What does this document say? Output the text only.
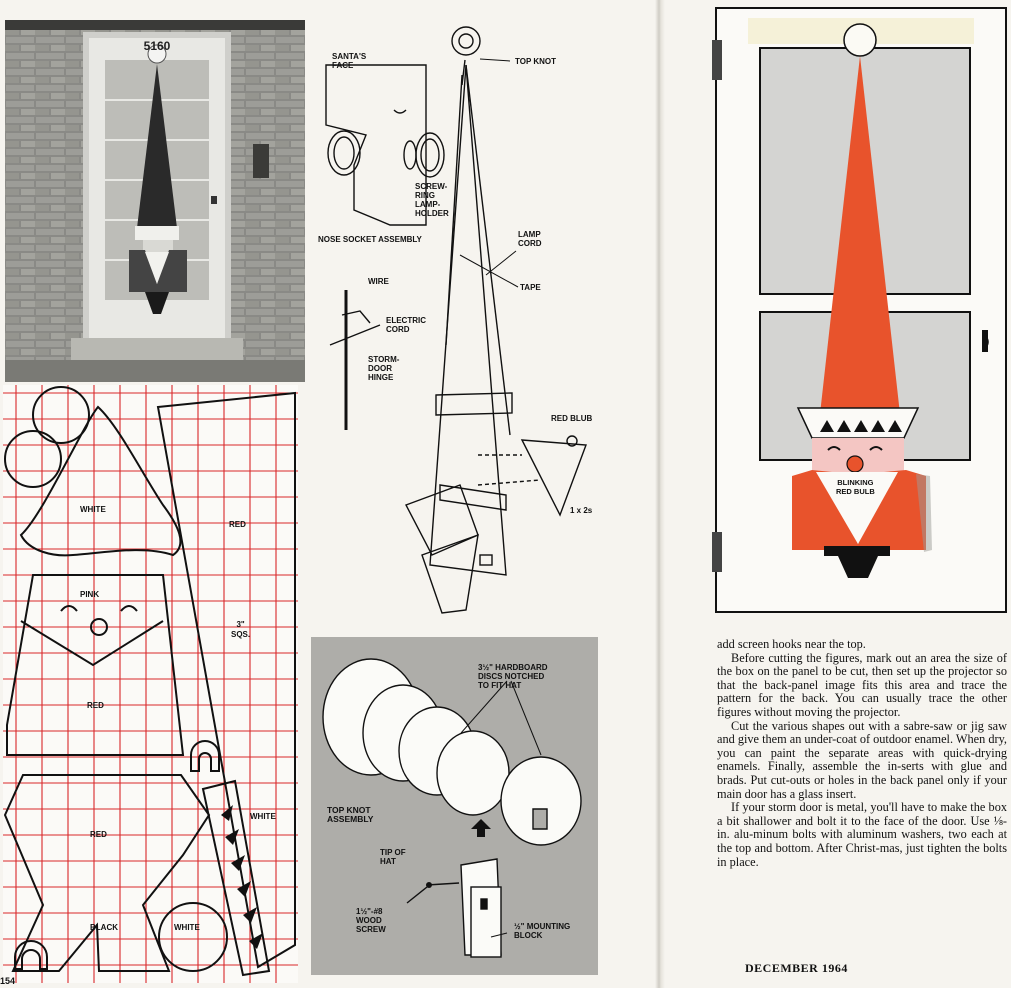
5160
SANTA'S
FACE	TOP KNOT
SCREW-
RING
LAMP-
HOLDER
NOSE SOCKET ASSEMBLY
LAMP
CORD
TAPE
WIRE
ELECTRIC
CORD
STORM-
DOOR
HINGE
RED BLUB
1 x 2s
WHITE
RED
PINK
3"
SQS.
RED
WHITE
RED
BLACK	WHITE
154
3½" HARDBOARD
DISCS NOTCHED
TO FIT HAT
TOP KNOT
ASSEMBLY
TIP OF
HAT
1½"-#8
WOOD
SCREW	½" MOUNTING
BLOCK
BLINKING
RED BULB

add screen hooks near the top.

Before cutting the figures, mark out an area the size of the box on the panel to be cut, then set up the projector so that the back-panel image fits this area and trace the pattern for the back. You can usually trace the other figures without moving the projector.

Cut the various shapes out with a sabre-saw or jig saw and give them an under-coat of outdoor enamel. When dry, you can paint the separate areas with quick-drying enamels. Finally, assemble the in-serts with glue and brads. Put cut-outs or holes in the back panel only if your main door has a glass insert.

If your storm door is metal, you'll have to make the box a bit shallower and bolt it to the face of the door. Use ⅛-in. alu-minum bolts with aluminum washers, two each at the top and bottom. After Christ-mas, just tighten the bolts in place.

DECEMBER 1964
